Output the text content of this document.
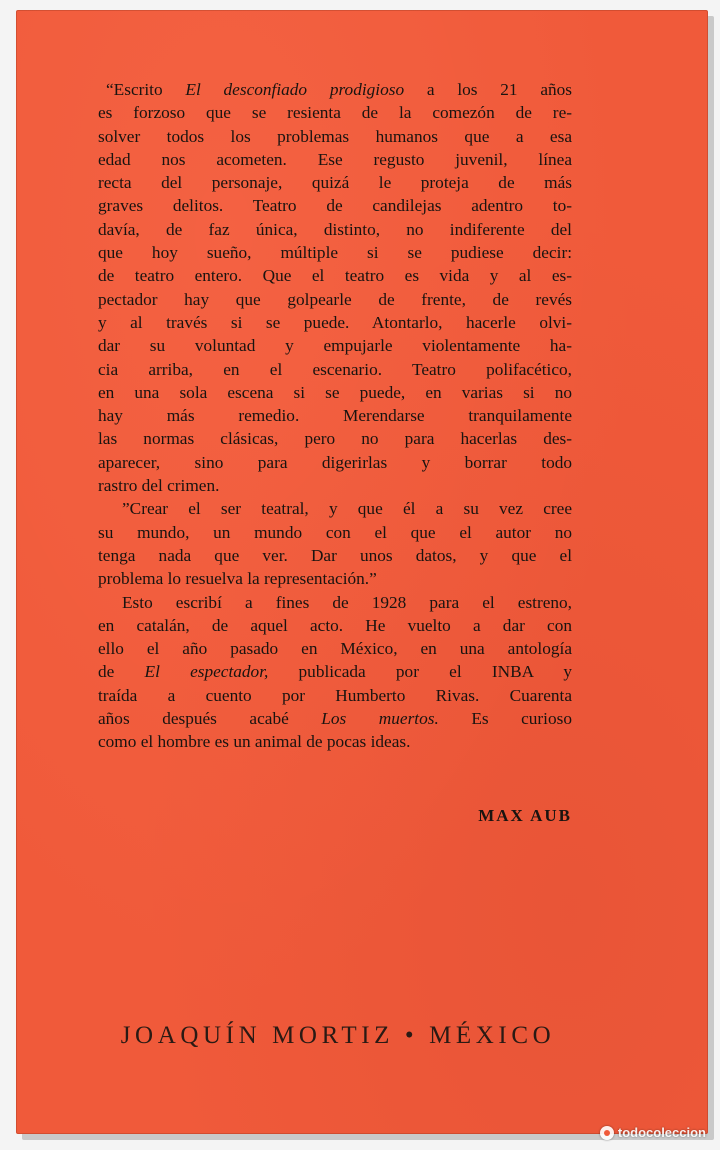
“Escrito El desconfiado prodigioso a los 21 años

es forzoso que se resienta de la comezón de re-

solver todos los problemas humanos que a esa

edad nos acometen. Ese regusto juvenil, línea

recta del personaje, quizá le proteja de más

graves delitos. Teatro de candilejas adentro to-

davía, de faz única, distinto, no indiferente del

que hoy sueño, múltiple si se pudiese decir:

de teatro entero. Que el teatro es vida y al es-

pectador hay que golpearle de frente, de revés

y al través si se puede. Atontarlo, hacerle olvi-

dar su voluntad y empujarle violentamente ha-

cia arriba, en el escenario. Teatro polifacético,

en una sola escena si se puede, en varias si no

hay más remedio. Merendarse tranquilamente

las normas clásicas, pero no para hacerlas des-

aparecer, sino para digerirlas y borrar todo

rastro del crimen.

”Crear el ser teatral, y que él a su vez cree

su mundo, un mundo con el que el autor no

tenga nada que ver. Dar unos datos, y que el

problema lo resuelva la representación.”

Esto escribí a fines de 1928 para el estreno,

en catalán, de aquel acto. He vuelto a dar con

ello el año pasado en México, en una antología

de El espectador, publicada por el INBA y

traída a cuento por Humberto Rivas. Cuarenta

años después acabé Los muertos. Es curioso

como el hombre es un animal de pocas ideas.

MAX AUB
JOAQUÍN MORTIZ • MÉXICO
todocoleccion
